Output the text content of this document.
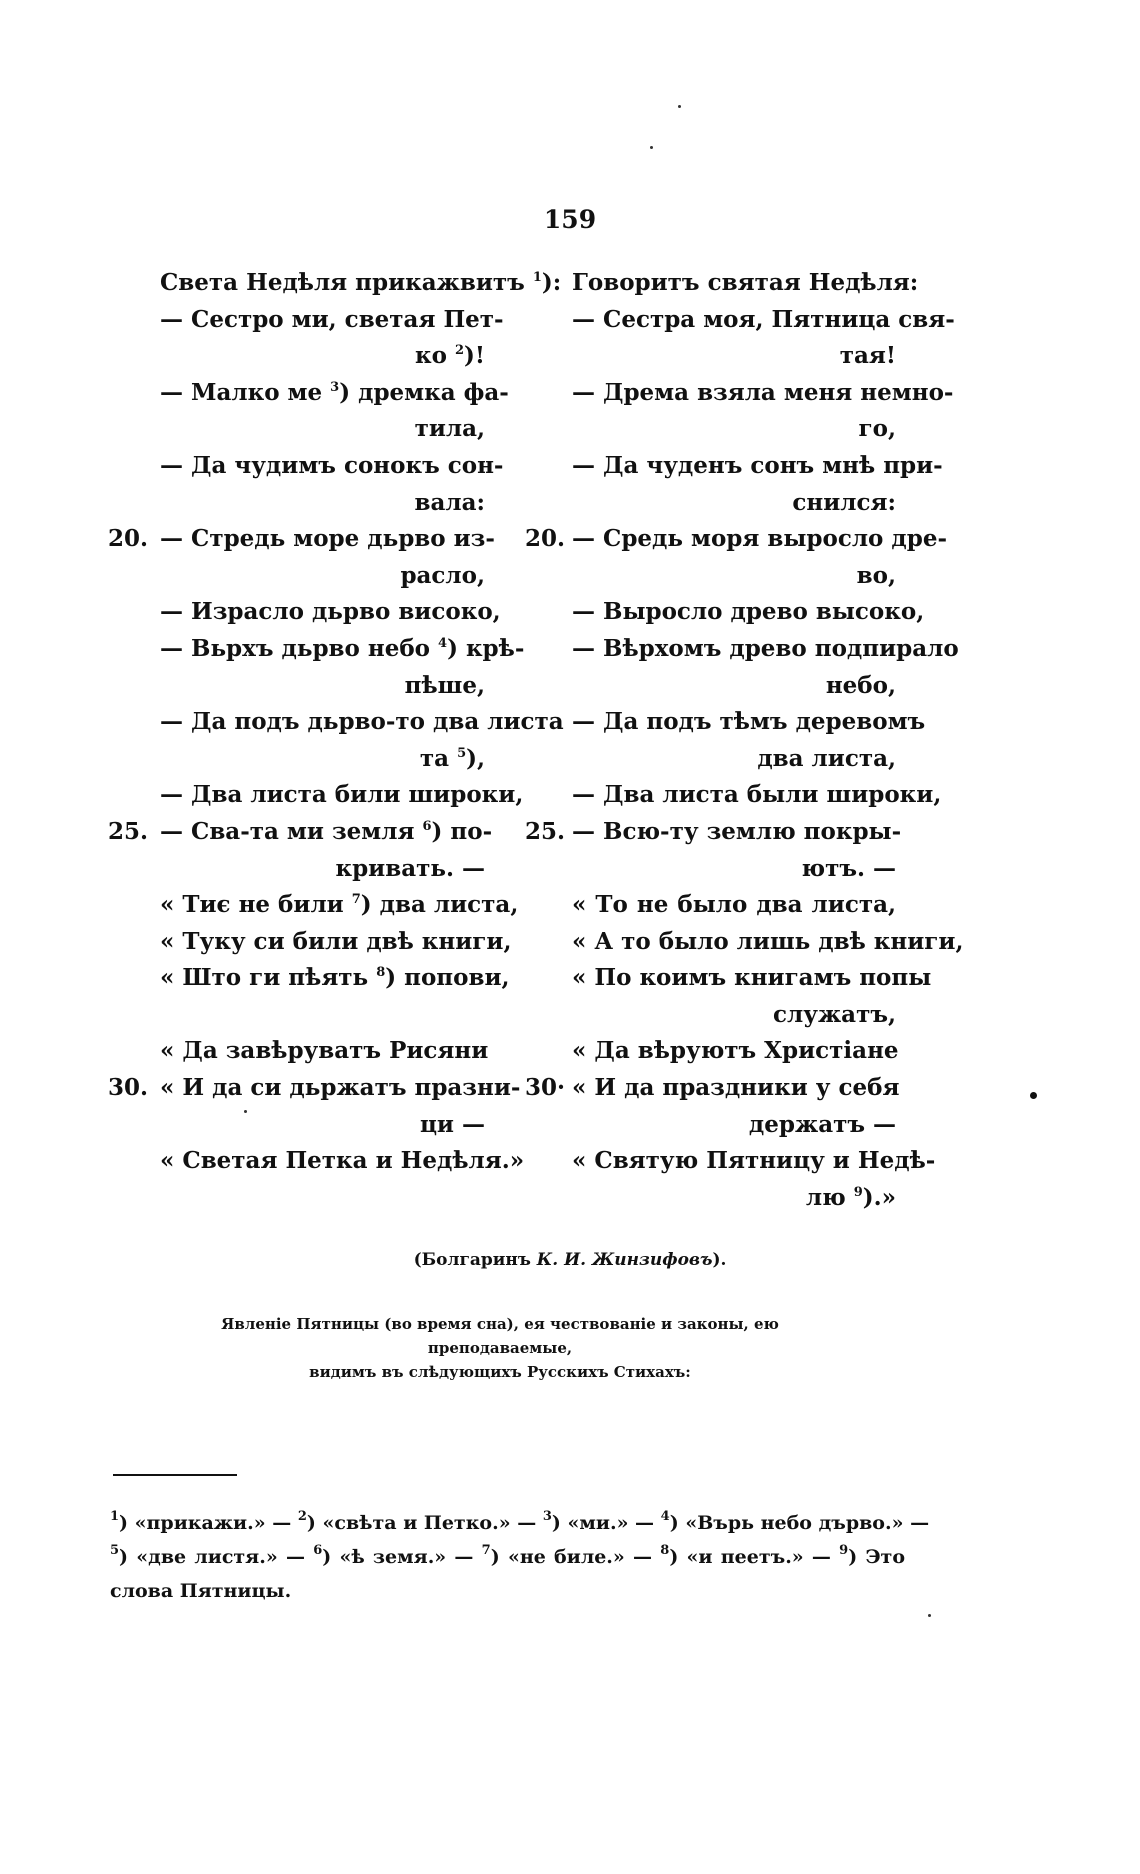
159
Света Недѣля прикажвитъ $^1$):
— Сестро ми, светая Пет-
ко $^2$)!
— Малко ме $^3$) дремка фа-
тила,
— Да чудимъ сонокъ сон-
вала:
20. — Стредь море дьрво из-
расло,
— Израсло дьрво високо,
— Вьрхъ дьрво небо $^4$) крѣ-
пѣше,
— Да подъ дьрво-то два листа
та $^5$),
— Два листа били широки,
25. — Сва-та ми земля $^6$) по-
кривать. —
« Тиє не били $^7$) два листа,
« Туку си били двѣ книги,
« Што ги пѣять $^8$) попови,
« Да завѣруватъ Рисяни
30. « И да си дьржатъ празни-
ци —
« Светая Петка и Недѣля.»
Говоритъ святая Недѣля:
— Сестра моя, Пятница свя-
тая!
— Дрема взяла меня немно-
го,
— Да чуденъ сонъ мнѣ при-
снился:
20. — Средь моря выросло дре-
во,
— Выросло древо высоко,
— Вѣрхомъ древо подпирало
небо,
— Да подъ тѣмъ деревомъ
два листа,
— Два листа были широки,
25. — Всю-ту землю покры-
ютъ. —
« То не было два листа,
« А то было лишь двѣ книги,
« По коимъ книгамъ попы
служатъ,
« Да вѣруютъ Христiане
30· « И да праздники у себя
держатъ —
« Святую Пятницу и Недѣ-
лю $^9$).»
(Болгаринъ К. И. Жинзифовъ).
Явленiе Пятницы (во время сна), ея чествованiе и законы, ею преподаваемые,
видимъ въ слѣдующихъ Русскихъ Стихахъ:
$^1$) «прикажи.» — $^2$) «свѣта и Петко.» — $^3$) «ми.» — $^4$) «Върь небо дърво.» —
$^5$) «две листя.» — $^6$) «ѣ земя.» — $^7$) «не биле.» — $^8$) «и пеетъ.» — $^9$) Это
слова Пятницы.
